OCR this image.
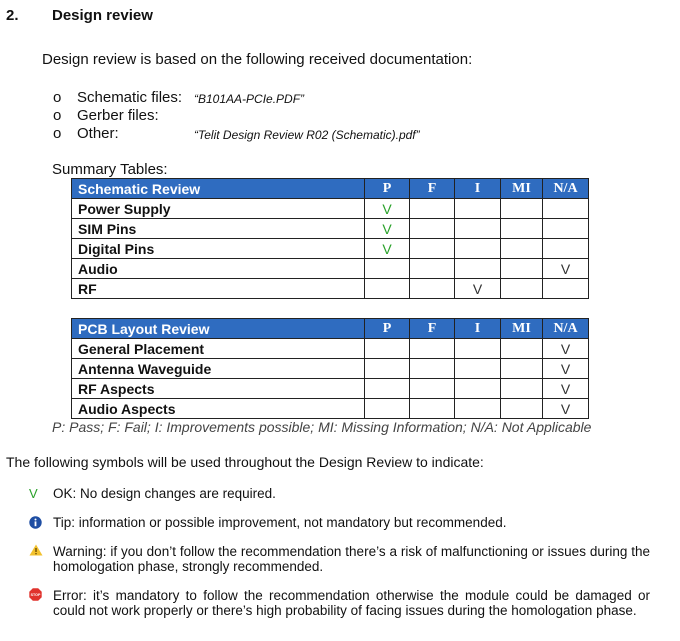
2. Design review
Design review is based on the following received documentation:
o Schematic files: “B101AA-PCIe.PDF”
o Gerber files:
o Other:	“Telit Design Review R02 (Schematic).pdf”
Summary Tables:
Schematic Review	P	F	I	MI	N/A
Power Supply	V				
SIM Pins	V				
Digital Pins	V				
Audio					V
RF			V		
PCB Layout Review	P	F	I	MI	N/A
General Placement					V
Antenna Waveguide					V
RF Aspects					V
Audio Aspects					V
P: Pass; F: Fail; I: Improvements possible; MI: Missing Information; N/A: Not Applicable
The following symbols will be used throughout the Design Review to indicate:
V OK: No design changes are required.
Tip: information or possible improvement, not mandatory but recommended.
Warning: if you don’t follow the recommendation there’s a risk of malfunctioning or issues during the homologation phase, strongly recommended.
STOP Error: it’s mandatory to follow the recommendation otherwise the module could be damaged or could not work properly or there’s high probability of facing issues during the homologation phase.
